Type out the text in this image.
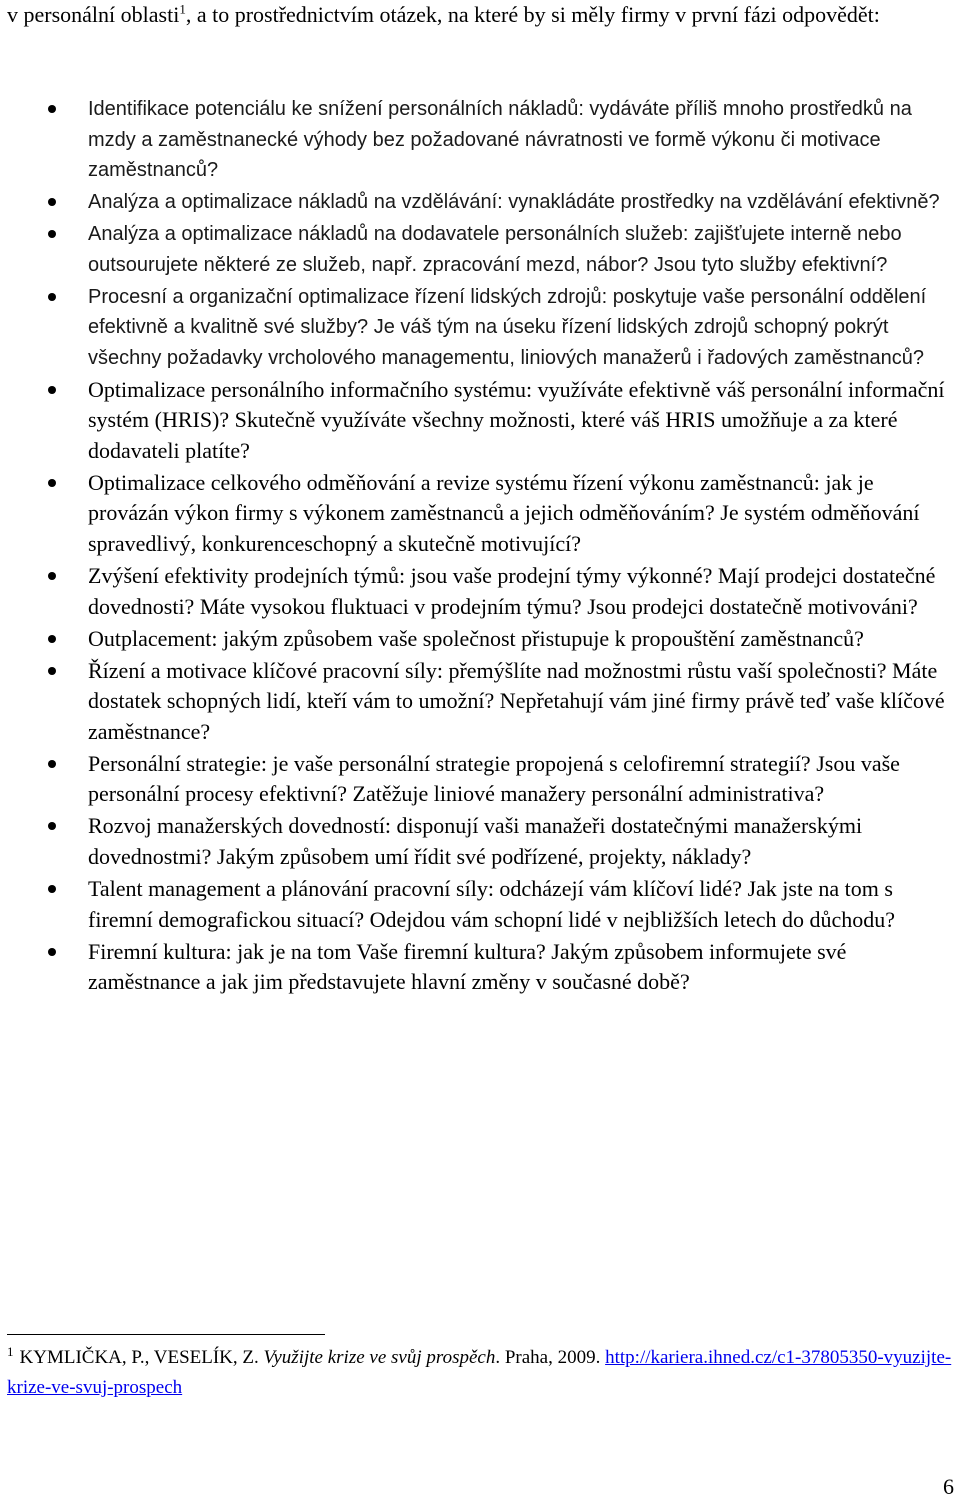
v personální oblasti$^1$, a to prostřednictvím otázek, na které by si měly firmy v první fázi odpovědět:
Identifikace potenciálu ke snížení personálních nákladů: vydáváte příliš mnoho prostředků na mzdy a zaměstnanecké výhody bez požadované návratnosti ve formě výkonu či motivace zaměstnanců?
Analýza a optimalizace nákladů na vzdělávání: vynakládáte prostředky na vzdělávání efektivně?
Analýza a optimalizace nákladů na dodavatele personálních služeb: zajišťujete interně nebo outsourujete některé ze služeb, např. zpracování mezd, nábor? Jsou tyto služby efektivní?
Procesní a organizační optimalizace řízení lidských zdrojů: poskytuje vaše personální oddělení efektivně a kvalitně své služby? Je váš tým na úseku řízení lidských zdrojů schopný pokrýt všechny požadavky vrcholového managementu, liniových manažerů i řadových zaměstnanců?
Optimalizace personálního informačního systému: využíváte efektivně váš personální informační systém (HRIS)? Skutečně využíváte všechny možnosti, které váš HRIS umožňuje a za které dodavateli platíte?
Optimalizace celkového odměňování a revize systému řízení výkonu zaměstnanců: jak je provázán výkon firmy s výkonem zaměstnanců a jejich odměňováním? Je systém odměňování spravedlivý, konkurenceschopný a skutečně motivující?
Zvýšení efektivity prodejních týmů: jsou vaše prodejní týmy výkonné? Mají prodejci dostatečné dovednosti? Máte vysokou fluktuaci v prodejním týmu? Jsou prodejci dostatečně motivováni?
Outplacement: jakým způsobem vaše společnost přistupuje k propouštění zaměstnanců?
Řízení a motivace klíčové pracovní síly: přemýšlíte nad možnostmi růstu vaší společnosti? Máte dostatek schopných lidí, kteří vám to umožní? Nepřetahují vám jiné firmy právě teď vaše klíčové zaměstnance?
Personální strategie: je vaše personální strategie propojená s celofiremní strategií? Jsou vaše personální procesy efektivní? Zatěžuje liniové manažery personální administrativa?
Rozvoj manažerských dovedností: disponují vaši manažeři dostatečnými manažerskými dovednostmi? Jakým způsobem umí řídit své podřízené, projekty, náklady?
Talent management a plánování pracovní síly: odcházejí vám klíčoví lidé? Jak jste na tom s firemní demografickou situací? Odejdou vám schopní lidé v nejbližších letech do důchodu?
Firemní kultura: jak je na tom Vaše firemní kultura? Jakým způsobem informujete své zaměstnance a jak jim představujete hlavní změny v současné době?
$^1$ KYMLIČKA, P., VESELÍK, Z. Využijte krize ve svůj prospěch. Praha, 2009. http://kariera.ihned.cz/c1-37805350-vyuzijte-krize-ve-svuj-prospech
6
